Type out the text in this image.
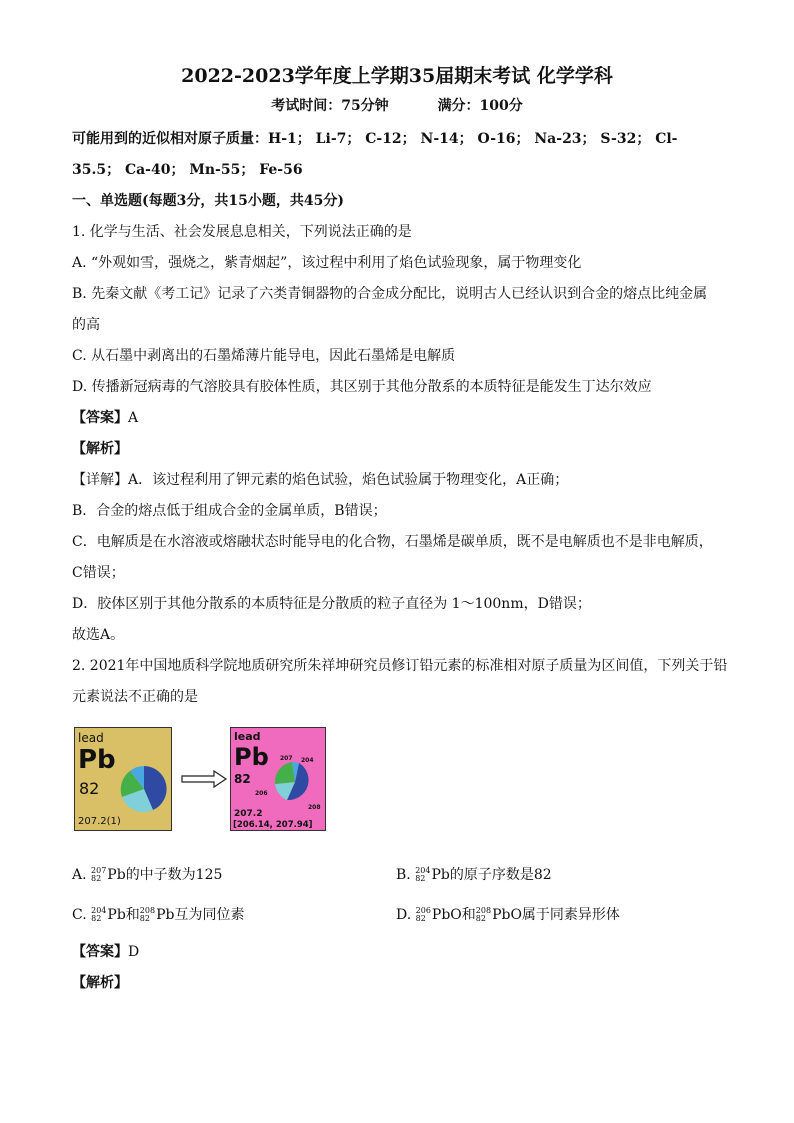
2022-2023学年度上学期35届期末考试 化学学科

考试时间：75分钟	满分：100分

可能用到的近似相对原子质量：H-1； Li-7； C-12； N-14； O-16； Na-23； S-32； Cl-

35.5； Ca-40； Mn-55； Fe-56

一、单选题(每题3分，共15小题，共45分)

1. 化学与生活、社会发展息息相关，下列说法正确的是

A. “外观如雪，强烧之，紫青烟起”，该过程中利用了焰色试验现象，属于物理变化

B. 先秦文献《考工记》记录了六类青铜器物的合金成分配比，说明古人已经认识到合金的熔点比纯金属

的高

C. 从石墨中剥离出的石墨烯薄片能导电，因此石墨烯是电解质

D. 传播新冠病毒的气溶胶具有胶体性质，其区别于其他分散系的本质特征是能发生丁达尔效应

【答案】A

【解析】

【详解】A．该过程利用了钾元素的焰色试验，焰色试验属于物理变化，A正确；

B．合金的熔点低于组成合金的金属单质，B错误；

C．电解质是在水溶液或熔融状态时能导电的化合物，石墨烯是碳单质，既不是电解质也不是非电解质，

C错误；

D．胶体区别于其他分散系的本质特征是分散质的粒子直径为 1～100nm，D错误；

故选A。

2. 2021年中国地质科学院地质研究所朱祥坤研究员修订铅元素的标准相对原子质量为区间值，下列关于铅

元素说法不正确的是

lead
Pb
82
207.2(1)
lead
Pb
82
207.2
[206.14, 207.94]
207 204
206
208
A. 207
82 Pb的中子数为125	B. 204
82 Pb的原子序数是82
C. 204
82 Pb和 208
82 Pb互为同位素	D. 206
82 PbO和 208
82 PbO属于同素异形体

【答案】D

【解析】
